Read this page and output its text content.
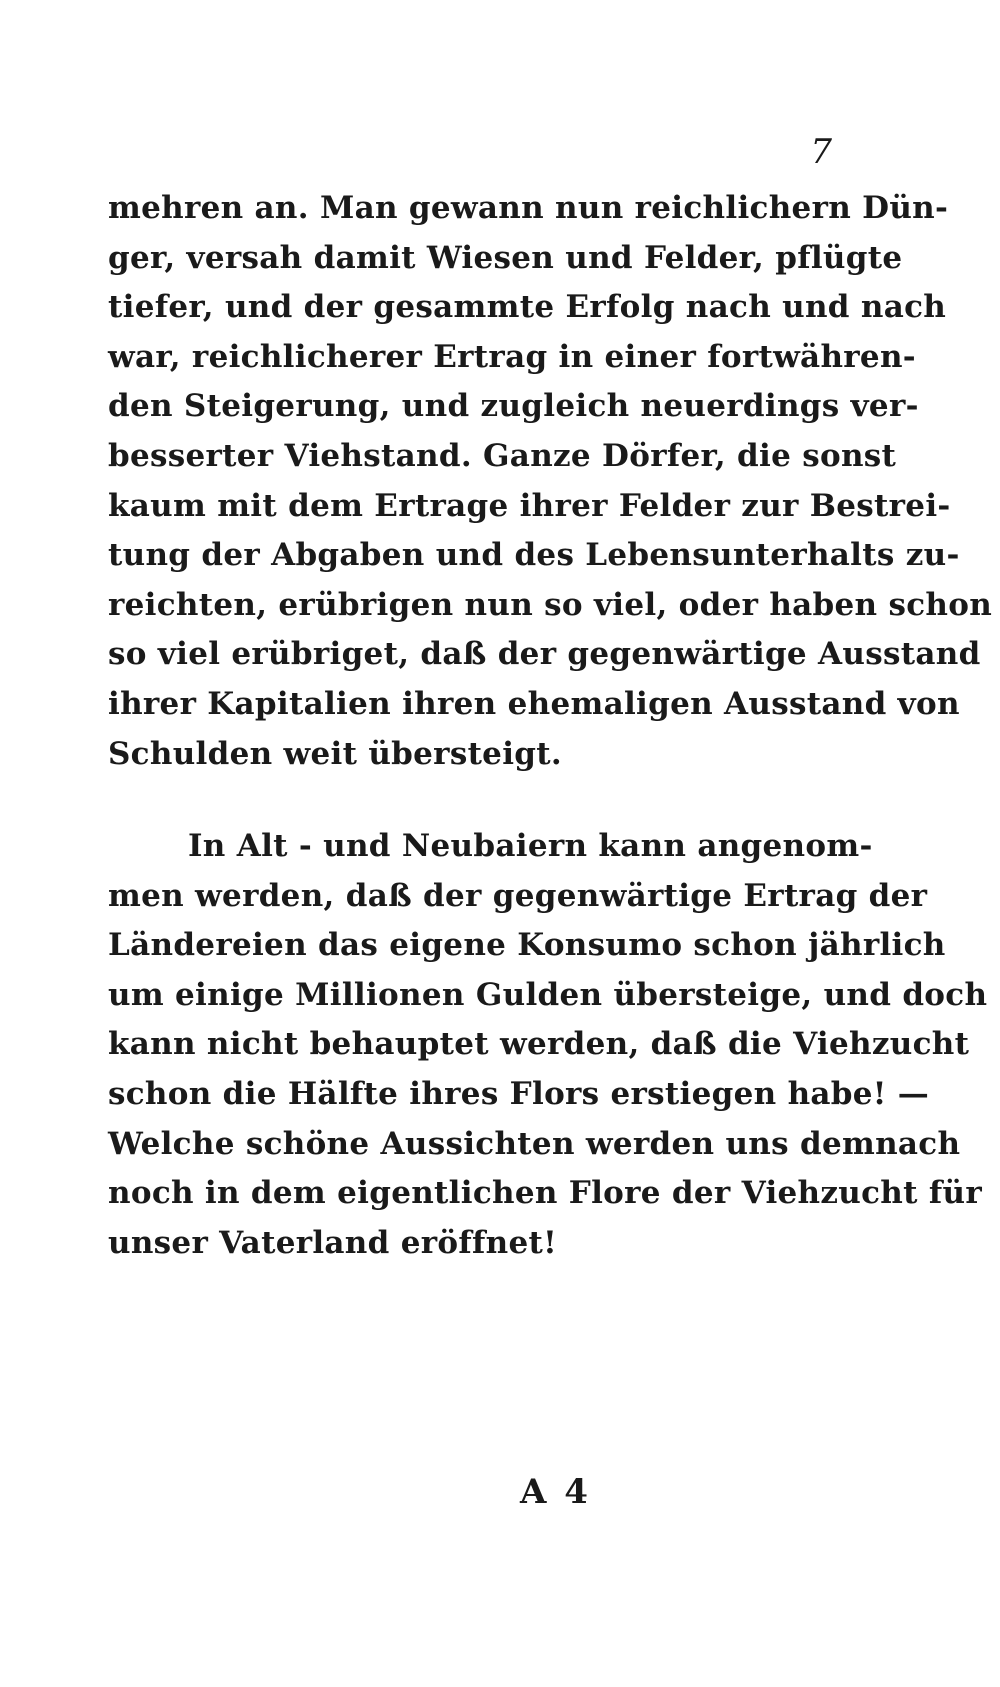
7
mehren an. Man gewann nun reichlichern Dün-
ger, versah damit Wiesen und Felder, pflügte
tiefer, und der gesammte Erfolg nach und nach
war, reichlicherer Ertrag in einer fortwähren-
den Steigerung, und zugleich neuerdings ver-
besserter Viehstand. Ganze Dörfer, die sonst
kaum mit dem Ertrage ihrer Felder zur Bestrei-
tung der Abgaben und des Lebensunterhalts zu-
reichten, erübrigen nun so viel, oder haben schon
so viel erübriget, daß der gegenwärtige Ausstand
ihrer Kapitalien ihren ehemaligen Ausstand von
Schulden weit übersteigt.
In Alt - und Neubaiern kann angenom-
men werden, daß der gegenwärtige Ertrag der
Ländereien das eigene Konsumo schon jährlich
um einige Millionen Gulden übersteige, und doch
kann nicht behauptet werden, daß die Viehzucht
schon die Hälfte ihres Flors erstiegen habe! —
Welche schöne Aussichten werden uns demnach
noch in dem eigentlichen Flore der Viehzucht für
unser Vaterland eröffnet!
A 4
